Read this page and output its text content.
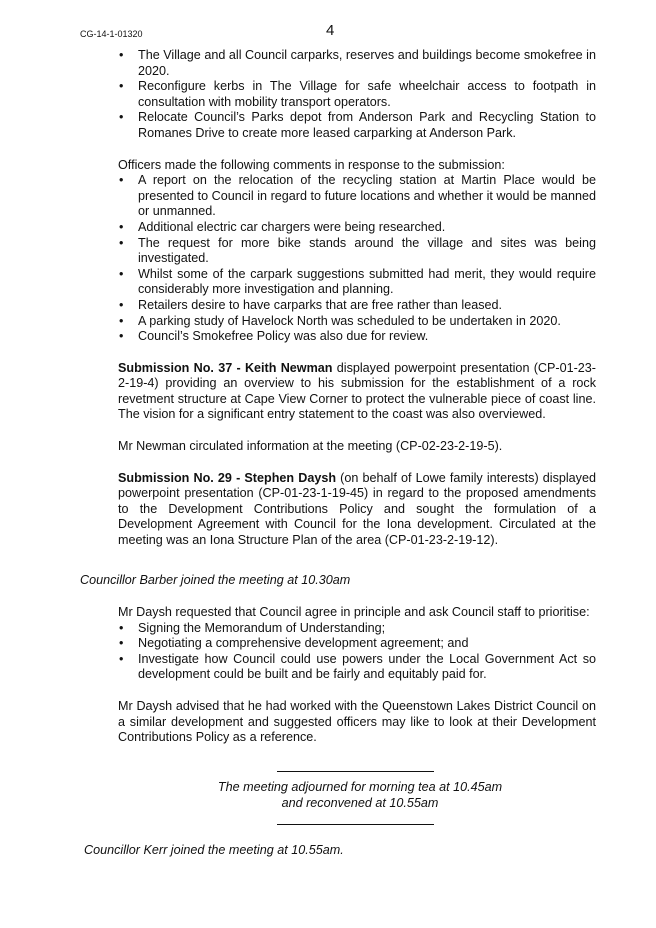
CG-14-1-01320	4
• The Village and all Council carparks, reserves and buildings become smokefree in 2020.
• Reconfigure kerbs in The Village for safe wheelchair access to footpath in consultation with mobility transport operators.
• Relocate Council’s Parks depot from Anderson Park and Recycling Station to Romanes Drive to create more leased carparking at Anderson Park.

Officers made the following comments in response to the submission:

• A report on the relocation of the recycling station at Martin Place would be presented to Council in regard to future locations and whether it would be manned or unmanned.
• Additional electric car chargers were being researched.
• The request for more bike stands around the village and sites was being investigated.
• Whilst some of the carpark suggestions submitted had merit, they would require considerably more investigation and planning.
• Retailers desire to have carparks that are free rather than leased.
• A parking study of Havelock North was scheduled to be undertaken in 2020.
• Council’s Smokefree Policy was also due for review.

Submission No. 37 - Keith Newman displayed powerpoint presentation (CP-01-23-2-19-4) providing an overview to his submission for the establishment of a rock revetment structure at Cape View Corner to protect the vulnerable piece of coast line. The vision for a significant entry statement to the coast was also overviewed.

Mr Newman circulated information at the meeting (CP-02-23-2-19-5).

Submission No. 29 - Stephen Daysh (on behalf of Lowe family interests) displayed powerpoint presentation (CP-01-23-1-19-45) in regard to the proposed amendments to the Development Contributions Policy and sought the formulation of a Development Agreement with Council for the Iona development. Circulated at the meeting was an Iona Structure Plan of the area (CP-01-23-2-19-12).

Councillor Barber joined the meeting at 10.30am

Mr Daysh requested that Council agree in principle and ask Council staff to prioritise:

• Signing the Memorandum of Understanding;
• Negotiating a comprehensive development agreement; and
• Investigate how Council could use powers under the Local Government Act so development could be built and be fairly and equitably paid for.

Mr Daysh advised that he had worked with the Queenstown Lakes District Council on a similar development and suggested officers may like to look at their Development Contributions Policy as a reference.

The meeting adjourned for morning tea at 10.45am
and reconvened at 10.55am
Councillor Kerr joined the meeting at 10.55am.
